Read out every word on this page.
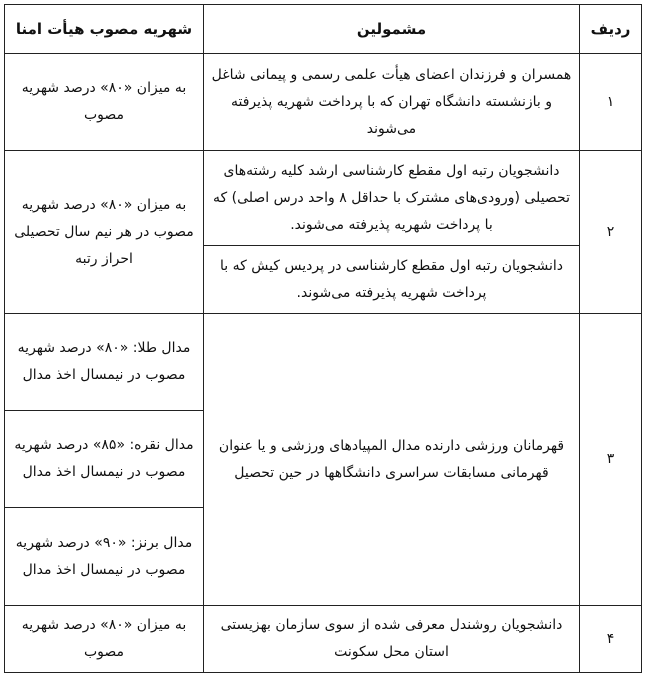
ردیف	مشمولین	شهریه مصوب هیأت امنا
۱	همسران و فرزندان اعضای هیأت علمی رسمی و پیمانی شاغل و بازنشسته دانشگاه تهران که با پرداخت شهریه پذیرفته می‌شوند	به میزان «۸۰» درصد شهریه مصوب
۲	دانشجویان رتبه اول مقطع کارشناسی ارشد کلیه رشته‌های تحصیلی (ورودی‌های مشترک با حداقل ۸ واحد درس اصلی) که با پرداخت شهریه پذیرفته می‌شوند.	به میزان «۸۰» درصد شهریه مصوب در هر نیم سال تحصیلی احراز رتبه
	دانشجویان رتبه اول مقطع کارشناسی در پردیس کیش که با پرداخت شهریه پذیرفته می‌شوند.	
۳	قهرمانان ورزشی دارنده مدال المپیادهای ورزشی و یا عنوان قهرمانی مسابقات سراسری دانشگاهها در حین تحصیل	مدال طلا: «۸۰» درصد شهریه مصوب در نیمسال اخذ مدال
		مدال نقره: «۸۵» درصد شهریه مصوب در نیمسال اخذ مدال
		مدال برنز: «۹۰» درصد شهریه مصوب در نیمسال اخذ مدال
۴	دانشجویان روشندل معرفی شده از سوی سازمان بهزیستی استان محل سکونت	به میزان «۸۰» درصد شهریه مصوب
